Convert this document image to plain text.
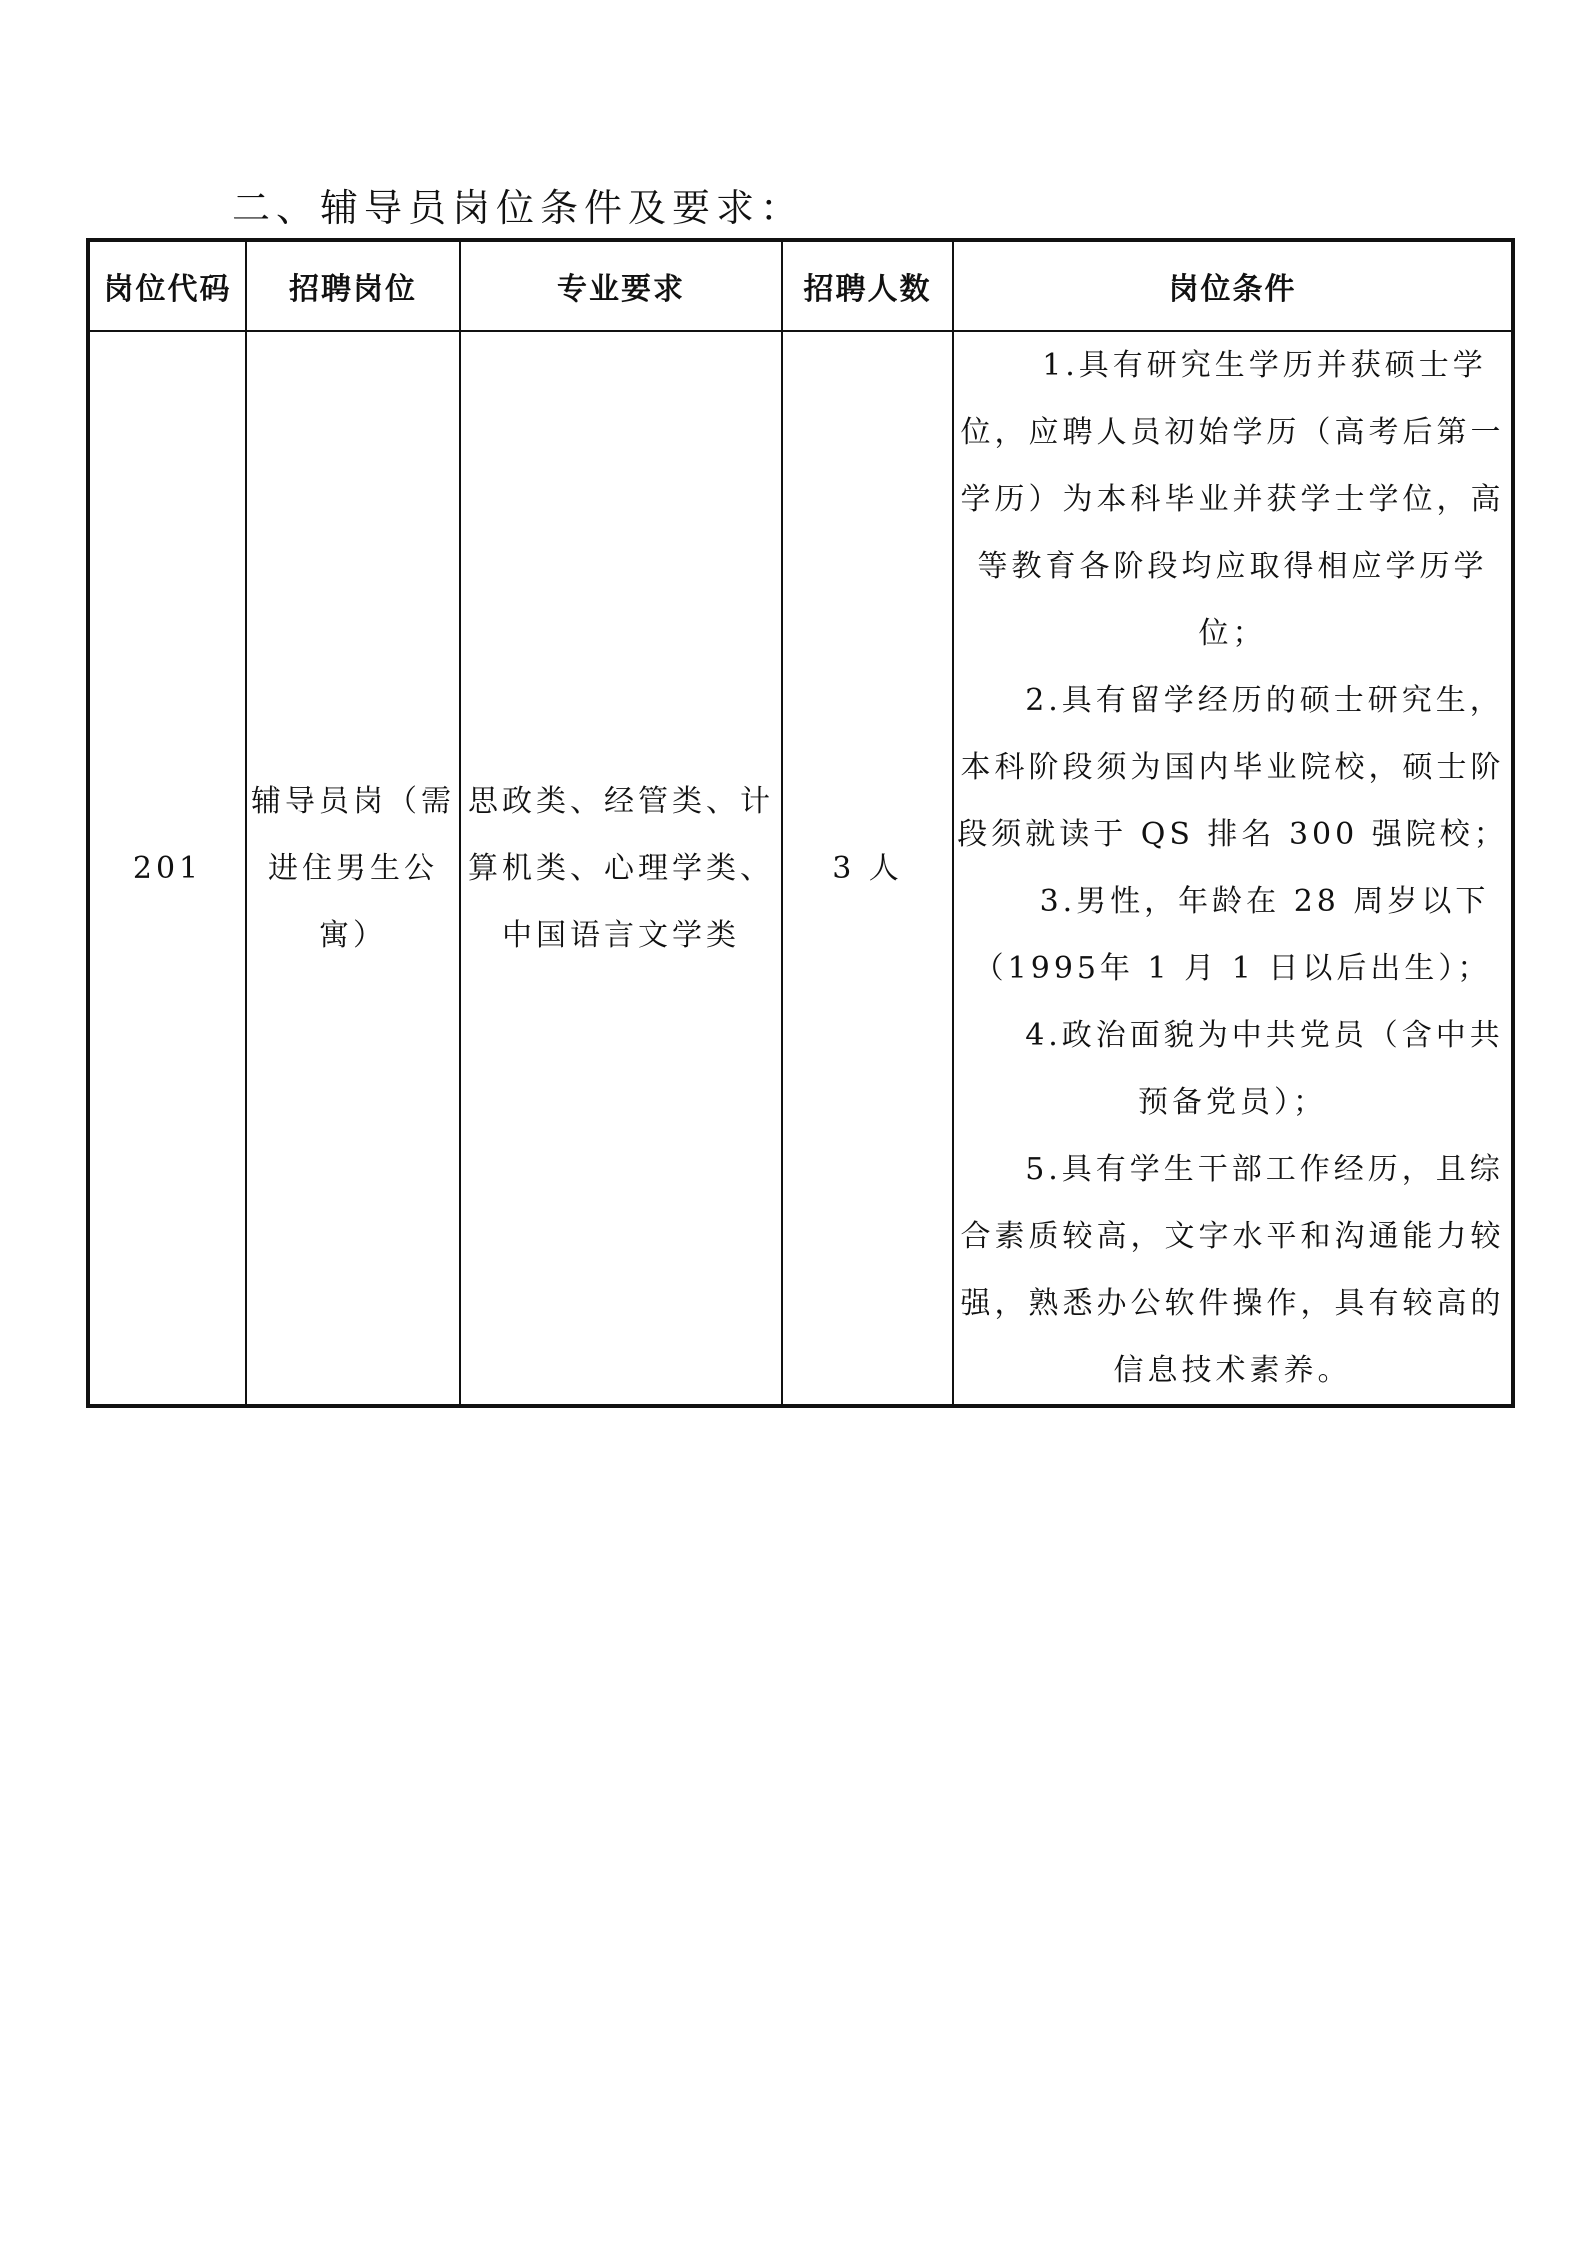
二、辅导员岗位条件及要求：
岗位代码	招聘岗位	专业要求	招聘人数	岗位条件
201	辅导员岗（需进住男生公寓）	思政类、经管类、计算机类、心理学类、中国语言文学类	3 人	1.具有研究生学历并获硕士学位，应聘人员初始学历（高考后第一学历）为本科毕业并获学士学位，高等教育各阶段均应取得相应学历学位；

2.具有留学经历的硕士研究生，本科阶段须为国内毕业院校，硕士阶段须就读于 QS 排名 300 强院校；

3.男性，年龄在 28 周岁以下（1995年 1 月 1 日以后出生）；

4.政治面貌为中共党员（含中共预备党员）；

5.具有学生干部工作经历，且综合素质较高，文字水平和沟通能力较强，熟悉办公软件操作，具有较高的信息技术素养。
